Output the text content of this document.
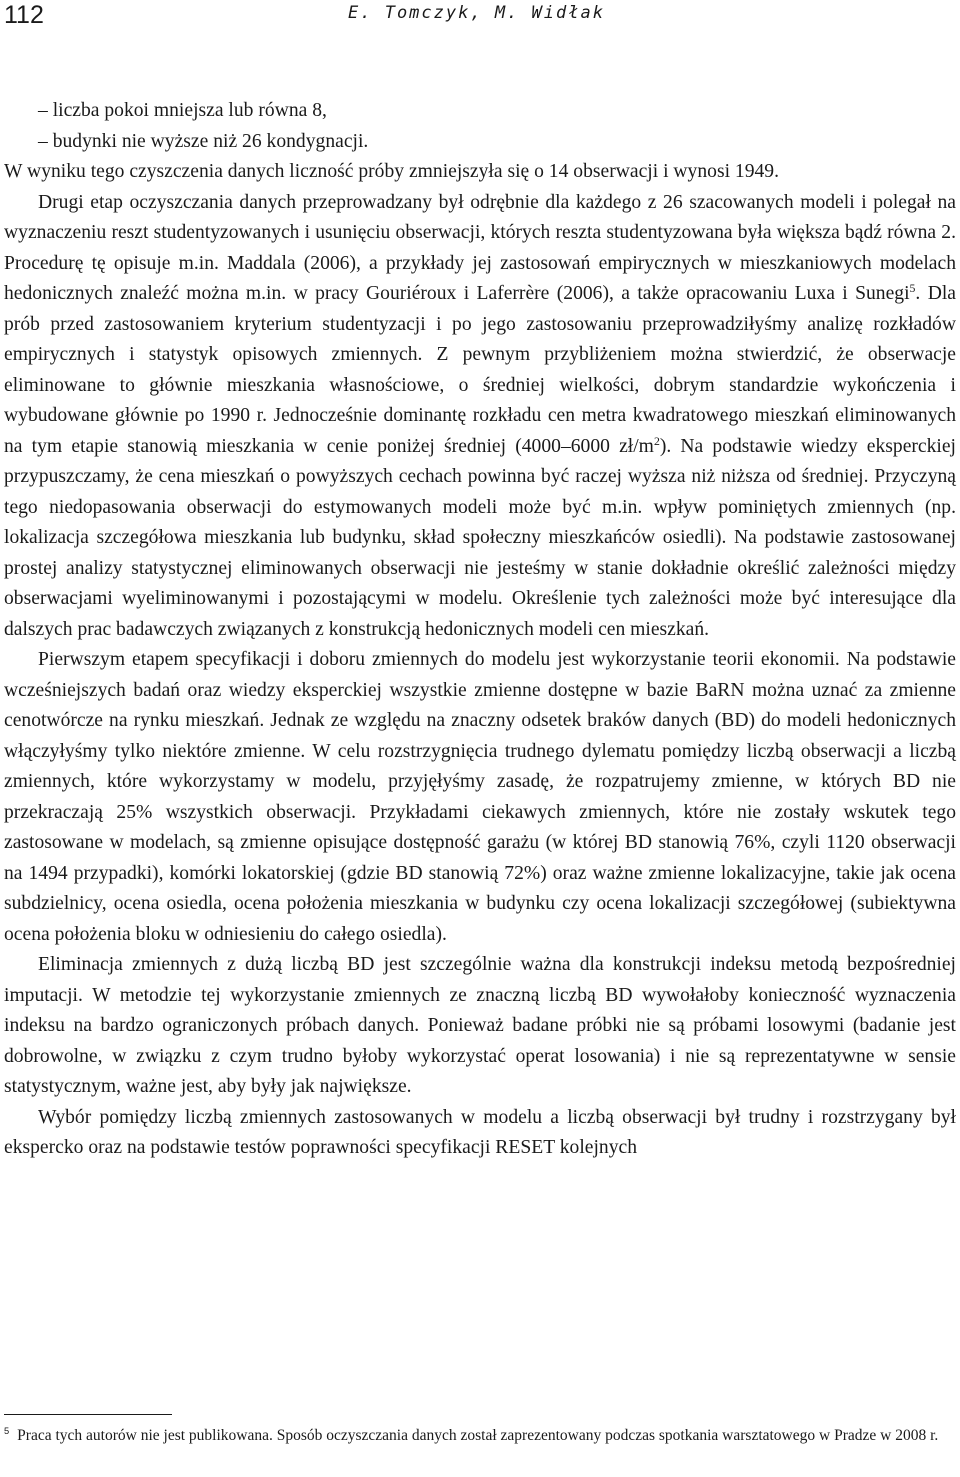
112	E. Tomczyk, M. Widłak
– liczba pokoi mniejsza lub równa 8,
– budynki nie wyższe niż 26 kondygnacji.

W wyniku tego czyszczenia danych liczność próby zmniejszyła się o 14 obserwacji i wynosi 1949.

Drugi etap oczyszczania danych przeprowadzany był odrębnie dla każdego z 26 szacowanych modeli i polegał na wyznaczeniu reszt studentyzowanych i usunięciu obserwacji, których reszta studentyzowana była większa bądź równa 2. Procedurę tę opisuje m.in. Maddala (2006), a przykłady jej zastosowań empirycznych w mieszkaniowych modelach hedonicznych znaleźć można m.in. w pracy Gouriéroux i Laferrère (2006), a także opracowaniu Luxa i Sunegi$^5$. Dla prób przed zastosowaniem kryterium studentyzacji i po jego zastosowaniu przeprowadziłyśmy analizę rozkładów empirycznych i statystyk opisowych zmiennych. Z pewnym przybliżeniem można stwierdzić, że obserwacje eliminowane to głównie mieszkania własnościowe, o średniej wielkości, dobrym standardzie wykończenia i wybudowane głównie po 1990 r. Jednocześnie dominantę rozkładu cen metra kwadratowego mieszkań eliminowanych na tym etapie stanowią mieszkania w cenie poniżej średniej (4000–6000 $zł/m^2$). Na podstawie wiedzy eksperckiej przypuszczamy, że cena mieszkań o powyższych cechach powinna być raczej wyższa niż niższa od średniej. Przyczyną tego niedopasowania obserwacji do estymowanych modeli może być m.in. wpływ pominiętych zmiennych (np. lokalizacja szczegółowa mieszkania lub budynku, skład społeczny mieszkańców osiedli). Na podstawie zastosowanej prostej analizy statystycznej eliminowanych obserwacji nie jesteśmy w stanie dokładnie określić zależności między obserwacjami wyeliminowanymi i pozostającymi w modelu. Określenie tych zależności może być interesujące dla dalszych prac badawczych związanych z konstrukcją hedonicznych modeli cen mieszkań.

Pierwszym etapem specyfikacji i doboru zmiennych do modelu jest wykorzystanie teorii ekonomii. Na podstawie wcześniejszych badań oraz wiedzy eksperckiej wszystkie zmienne dostępne w bazie BaRN można uznać za zmienne cenotwórcze na rynku mieszkań. Jednak ze względu na znaczny odsetek braków danych (BD) do modeli hedonicznych włączyłyśmy tylko niektóre zmienne. W celu rozstrzygnięcia trudnego dylematu pomiędzy liczbą obserwacji a liczbą zmiennych, które wykorzystamy w modelu, przyjęłyśmy zasadę, że rozpatrujemy zmienne, w których BD nie przekraczają 25% wszystkich obserwacji. Przykładami ciekawych zmiennych, które nie zostały wskutek tego zastosowane w modelach, są zmienne opisujące dostępność garażu (w której BD stanowią 76%, czyli 1120 obserwacji na 1494 przypadki), komórki lokatorskiej (gdzie BD stanowią 72%) oraz ważne zmienne lokalizacyjne, takie jak ocena subdzielnicy, ocena osiedla, ocena położenia mieszkania w budynku czy ocena lokalizacji szczegółowej (subiektywna ocena położenia bloku w odniesieniu do całego osiedla).

Eliminacja zmiennych z dużą liczbą BD jest szczególnie ważna dla konstrukcji indeksu metodą bezpośredniej imputacji. W metodzie tej wykorzystanie zmiennych ze znaczną liczbą BD wywołałoby konieczność wyznaczenia indeksu na bardzo ograniczonych próbach danych. Ponieważ badane próbki nie są próbami losowymi (badanie jest dobrowolne, w związku z czym trudno byłoby wykorzystać operat losowania) i nie są reprezentatywne w sensie statystycznym, ważne jest, aby były jak największe.

Wybór pomiędzy liczbą zmiennych zastosowanych w modelu a liczbą obserwacji był trudny i rozstrzygany był ekspercko oraz na podstawie testów poprawności specyfikacji RESET kolejnych

$^5$ Praca tych autorów nie jest publikowana. Sposób oczyszczania danych został zaprezentowany podczas spotkania warsztatowego w Pradze w 2008 r.
